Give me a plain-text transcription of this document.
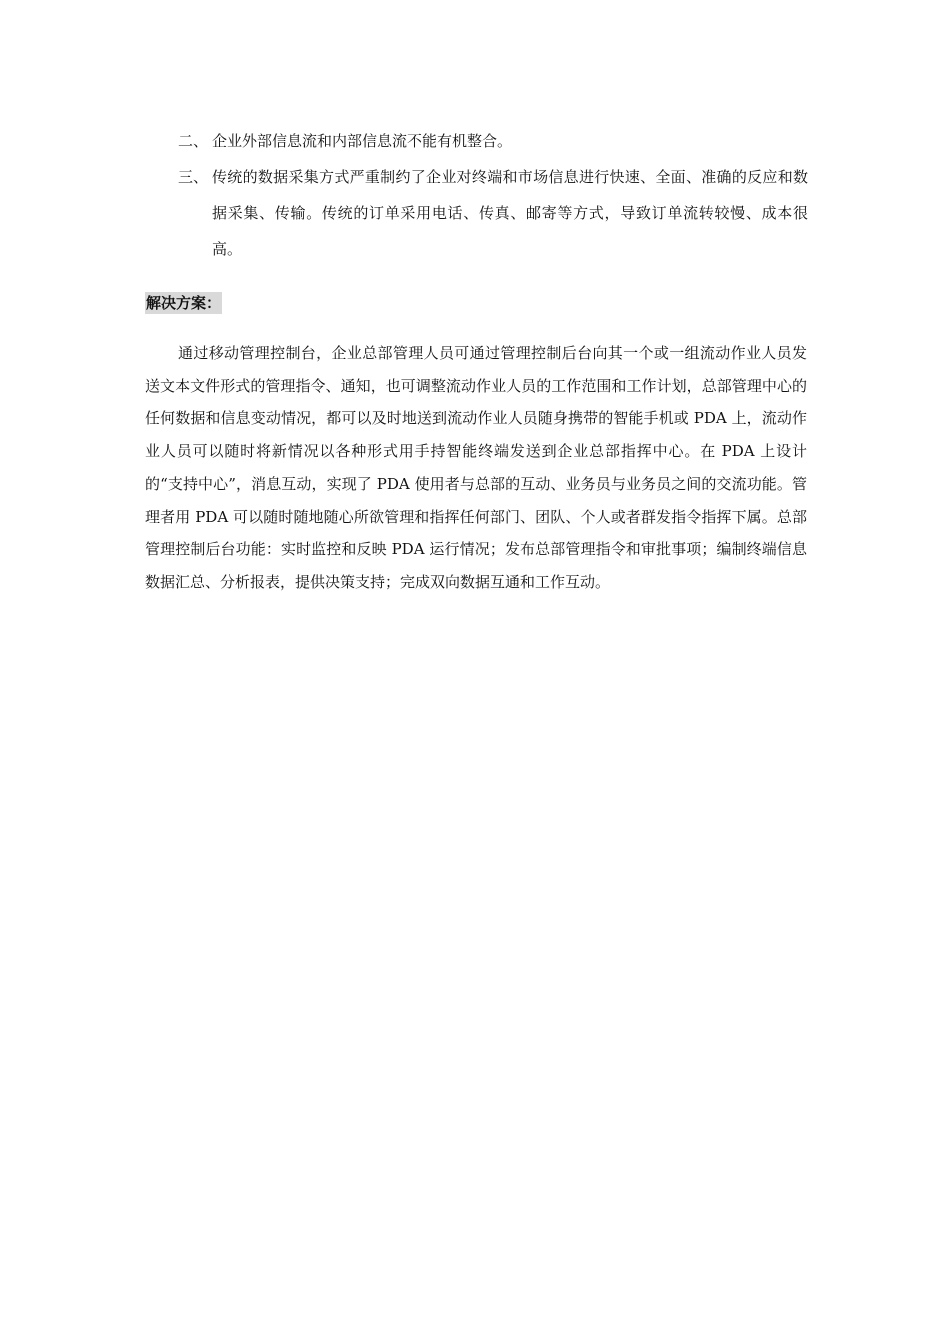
二、 企业外部信息流和内部信息流不能有机整合。
三、 传统的数据采集方式严重制约了企业对终端和市场信息进行快速、全面、准确的反应和数据采集、传输。传统的订单采用电话、传真、邮寄等方式，导致订单流转较慢、成本很高。
解决方案：

通过移动管理控制台，企业总部管理人员可通过管理控制后台向其一个或一组流动作业人员发送文本文件形式的管理指令、通知，也可调整流动作业人员的工作范围和工作计划，总部管理中心的任何数据和信息变动情况，都可以及时地送到流动作业人员随身携带的智能手机或 PDA 上，流动作业人员可以随时将新情况以各种形式用手持智能终端发送到企业总部指挥中心。在 PDA 上设计的“支持中心”，消息互动，实现了 PDA 使用者与总部的互动、业务员与业务员之间的交流功能。管理者用 PDA 可以随时随地随心所欲管理和指挥任何部门、团队、个人或者群发指令指挥下属。总部管理控制后台功能：实时监控和反映 PDA 运行情况；发布总部管理指令和审批事项；编制终端信息数据汇总、分析报表，提供决策支持；完成双向数据互通和工作互动。
